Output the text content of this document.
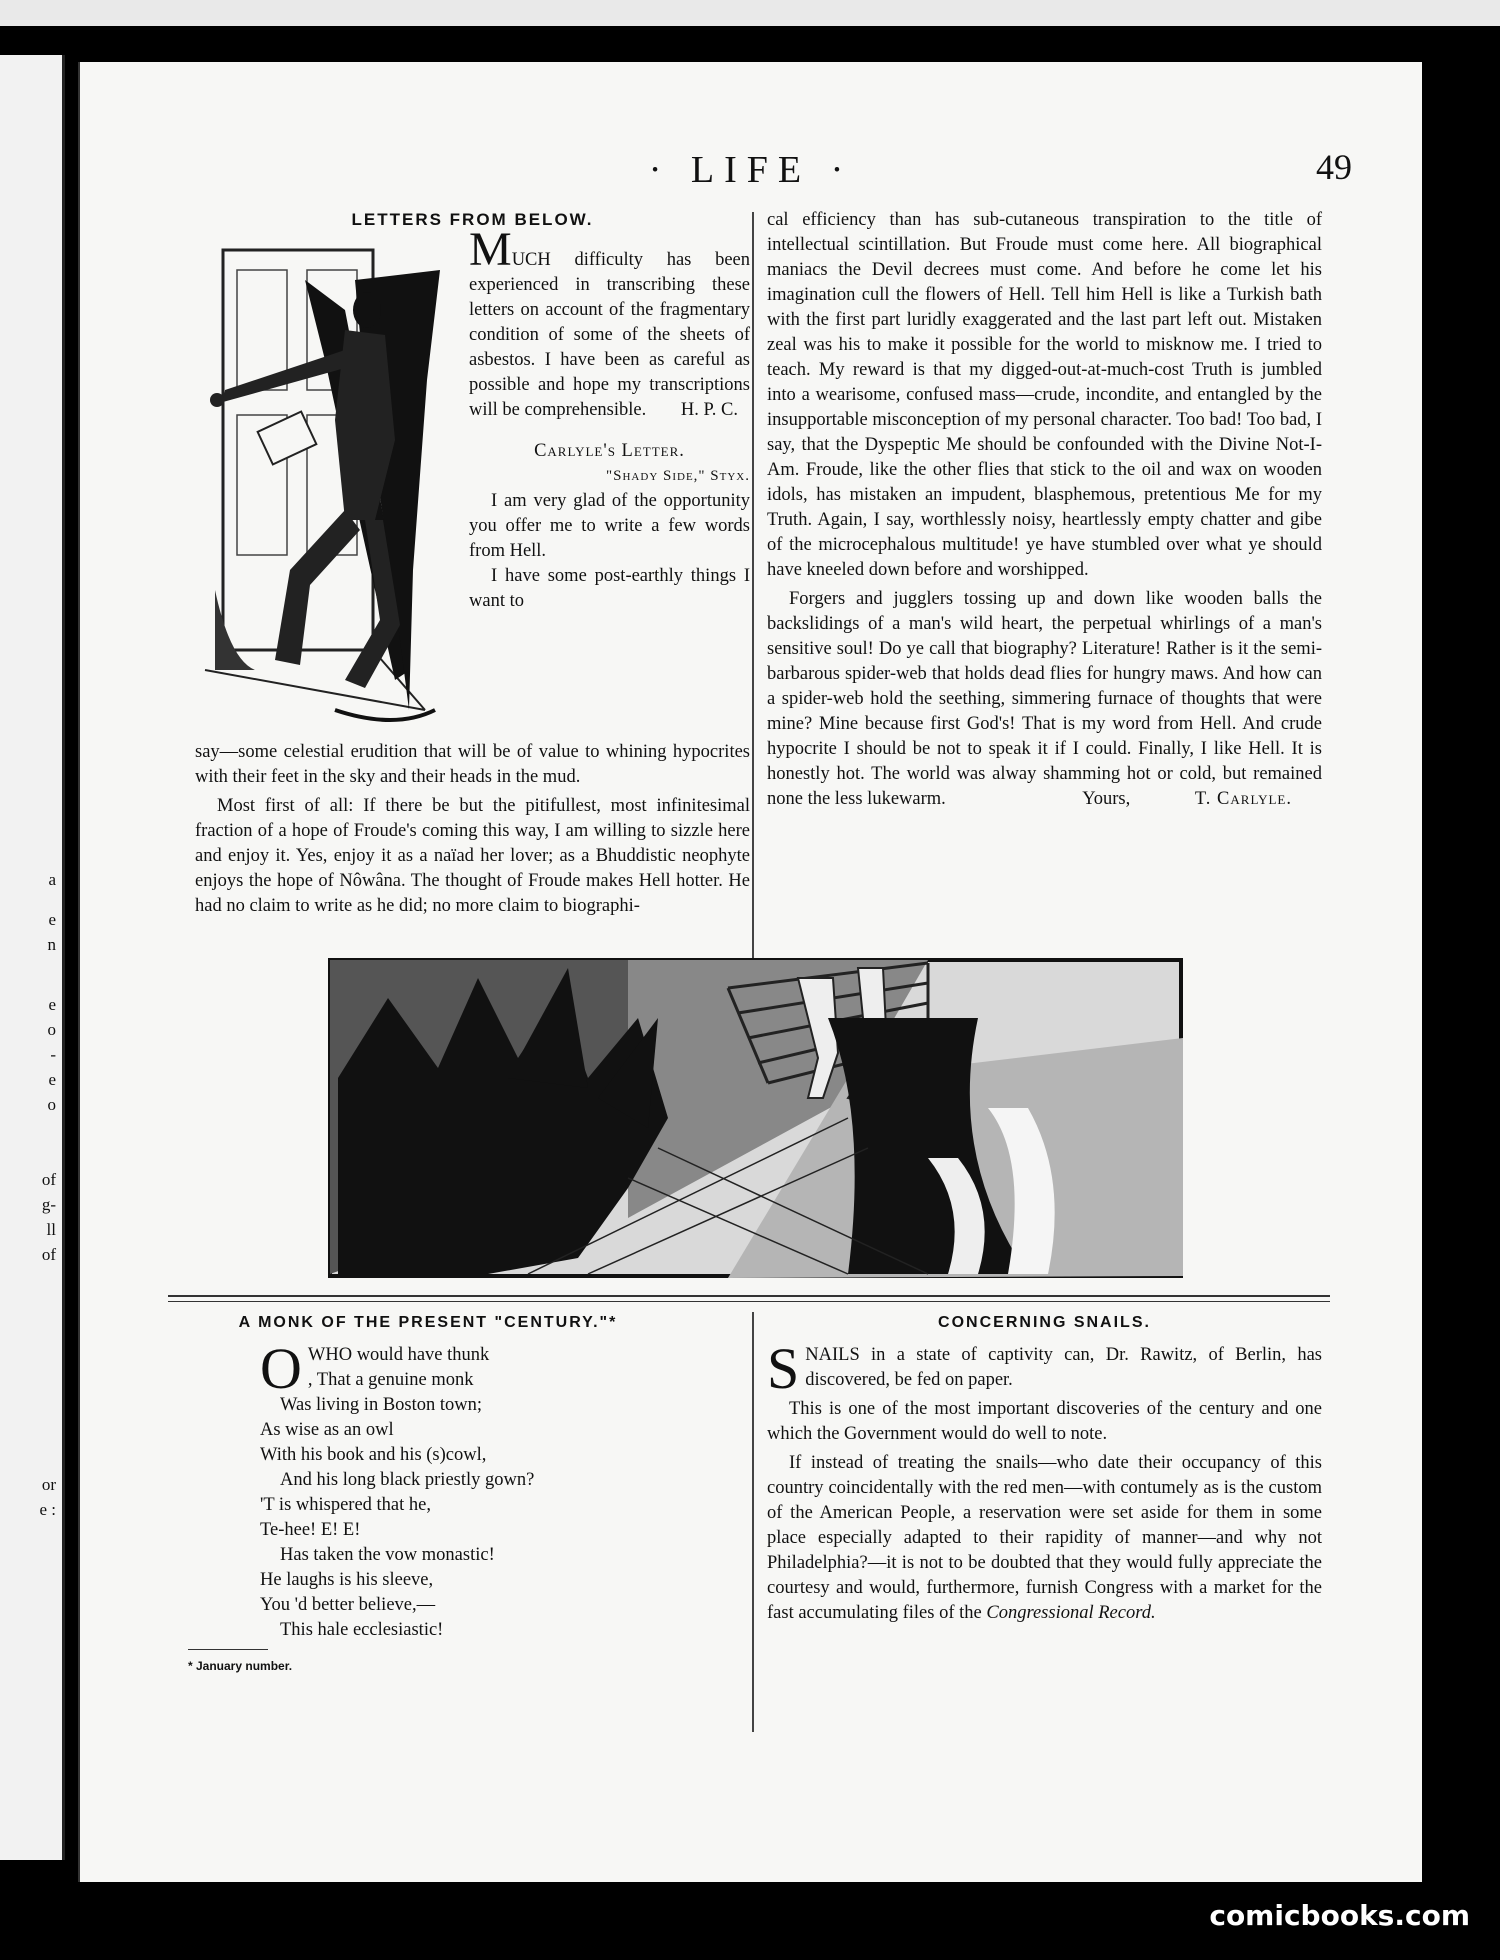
a
e
n
e
o
-
e
o
of
g-
ll
of
or
e :
· LIFE ·	49
LETTERS FROM BELOW.

MUCH difficulty has been experienced in transcribing these letters on account of the fragmentary condition of some of the sheets of asbestos. I have been as careful as possible and hope my transcriptions will be comprehensible. H. P. C.

Carlyle's Letter.

"Shady Side," Styx.

I am very glad of the opportunity you offer me to write a few words from Hell.

I have some post-earthly things I want to

say—some celestial erudition that will be of value to whining hypocrites with their feet in the sky and their heads in the mud.

Most first of all: If there be but the pitifullest, most infinitesimal fraction of a hope of Froude's coming this way, I am willing to sizzle here and enjoy it. Yes, enjoy it as a naïad her lover; as a Bhuddistic neophyte enjoys the hope of Nôwâna. The thought of Froude makes Hell hotter. He had no claim to write as he did; no more claim to biographi-

cal efficiency than has sub-cutaneous transpiration to the title of intellectual scintillation. But Froude must come here. All biographical maniacs the Devil decrees must come. And before he come let his imagination cull the flowers of Hell. Tell him Hell is like a Turkish bath with the first part luridly exaggerated and the last part left out. Mistaken zeal was his to make it possible for the world to misknow me. I tried to teach. My reward is that my digged-out-at-much-cost Truth is jumbled into a wearisome, confused mass—crude, incondite, and entangled by the insupportable misconception of my personal character. Too bad! Too bad, I say, that the Dyspeptic Me should be confounded with the Divine Not-I-Am. Froude, like the other flies that stick to the oil and wax on wooden idols, has mistaken an impudent, blasphemous, pretentious Me for my Truth. Again, I say, worthlessly noisy, heartlessly empty chatter and gibe of the microcephalous multitude! ye have stumbled over what ye should have kneeled down before and worshipped.

Forgers and jugglers tossing up and down like wooden balls the backslidings of a man's wild heart, the perpetual whirlings of a man's sensitive soul! Do ye call that biography? Literature! Rather is it the semi-barbarous spider-web that holds dead flies for hungry maws. And how can a spider-web hold the seething, simmering furnace of thoughts that were mine? Mine because first God's! That is my word from Hell. And crude hypocrite I should be not to speak it if I could. Finally, I like Hell. It is honestly hot. The world was alway shamming hot or cold, but remained none the less lukewarm.	Yours,	T. Carlyle.

A MONK OF THE PRESENT "CENTURY."*
O WHO would have thunk

, That a genuine monk

Was living in Boston town;

As wise as an owl

With his book and his (s)cowl,

And his long black priestly gown?

'T is whispered that he,

Te-hee! E! E!

Has taken the vow monastic!

He laughs is his sleeve,

You 'd better believe,—

This hale ecclesiastic!

* January number.
CONCERNING SNAILS.

S NAILS in a state of captivity can, Dr. Rawitz, of Berlin, has discovered, be fed on paper.

This is one of the most important discoveries of the century and one which the Government would do well to note.

If instead of treating the snails—who date their occupancy of this country coincidentally with the red men—with contumely as is the custom of the American People, a reservation were set aside for them in some place especially adapted to their rapidity of manner—and why not Philadelphia?—it is not to be doubted that they would fully appreciate the courtesy and would, furthermore, furnish Congress with a market for the fast accumulating files of the Congressional Record.

comicbooks.com
